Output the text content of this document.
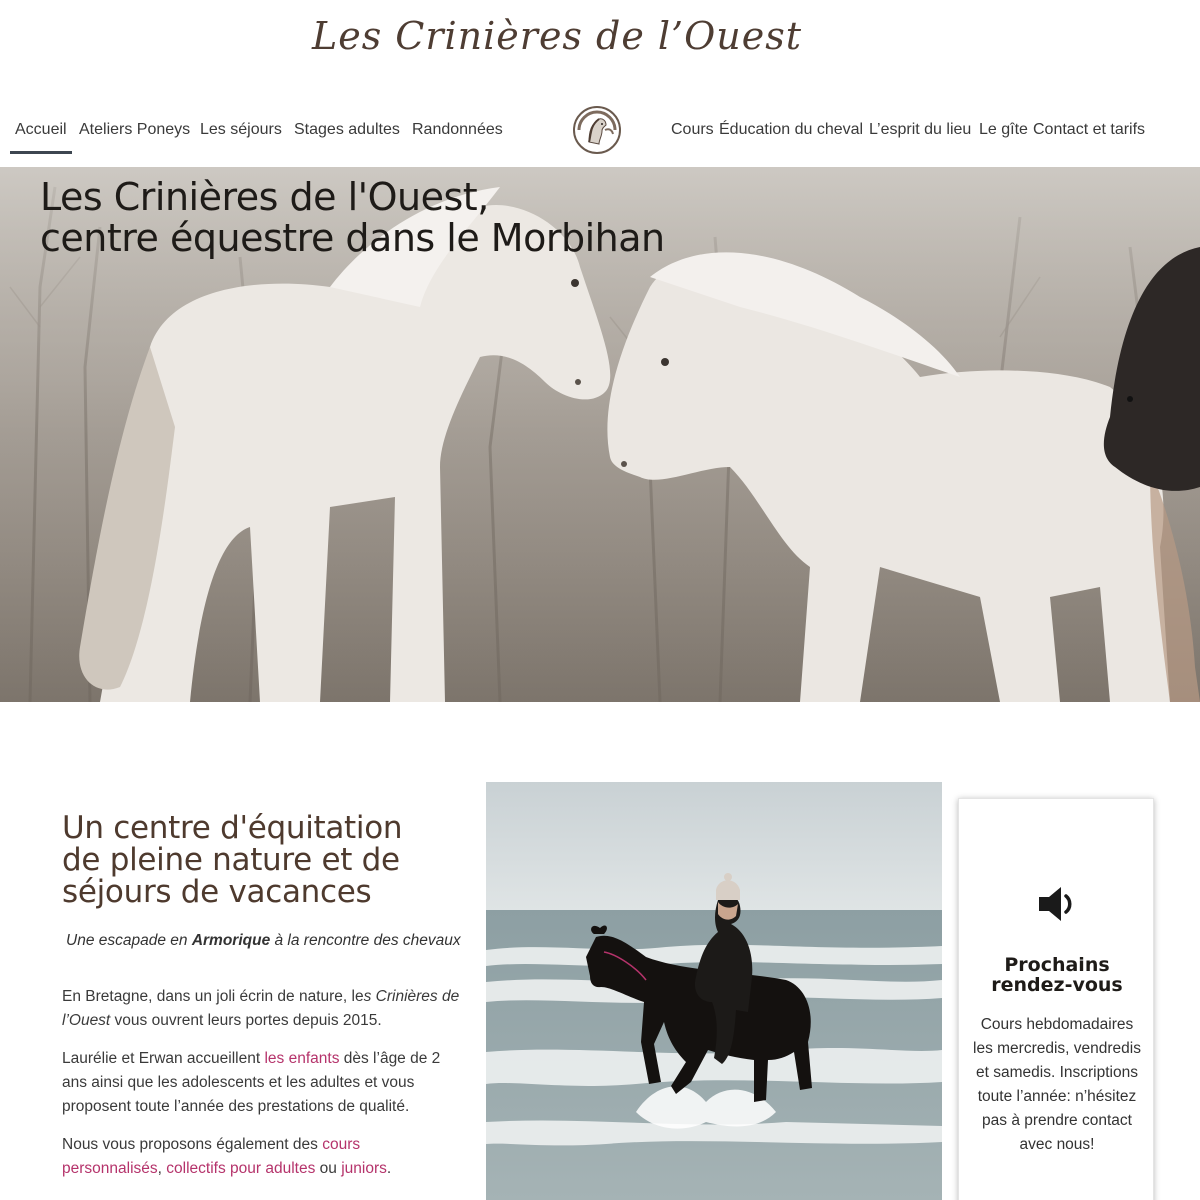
Les Crinières de l’Ouest
Accueil Ateliers Poneys Les séjours Stages adultes Randonnées	Cours Éducation du cheval L’esprit du lieu Le gîte Contact et tarifs
Les Crinières de l'Ouest,
centre équestre dans le Morbihan
Un centre d'équitation
de pleine nature et de
séjours de vacances

Une escapade en Armorique à la rencontre des chevaux

En Bretagne, dans un joli écrin de nature, les Crinières de l’Ouest vous ouvrent leurs portes depuis 2015.

Laurélie et Erwan accueillent les enfants dès l’âge de 2 ans ainsi que les adolescents et les adultes et vous proposent toute l’année des prestations de qualité.

Nous vous proposons également des cours personnalisés, collectifs pour adultes ou juniors.

Prochains
rendez-vous

Cours hebdomadaires les mercredis, vendredis et samedis. Inscriptions toute l’année: n’hésitez pas à prendre contact avec nous!
